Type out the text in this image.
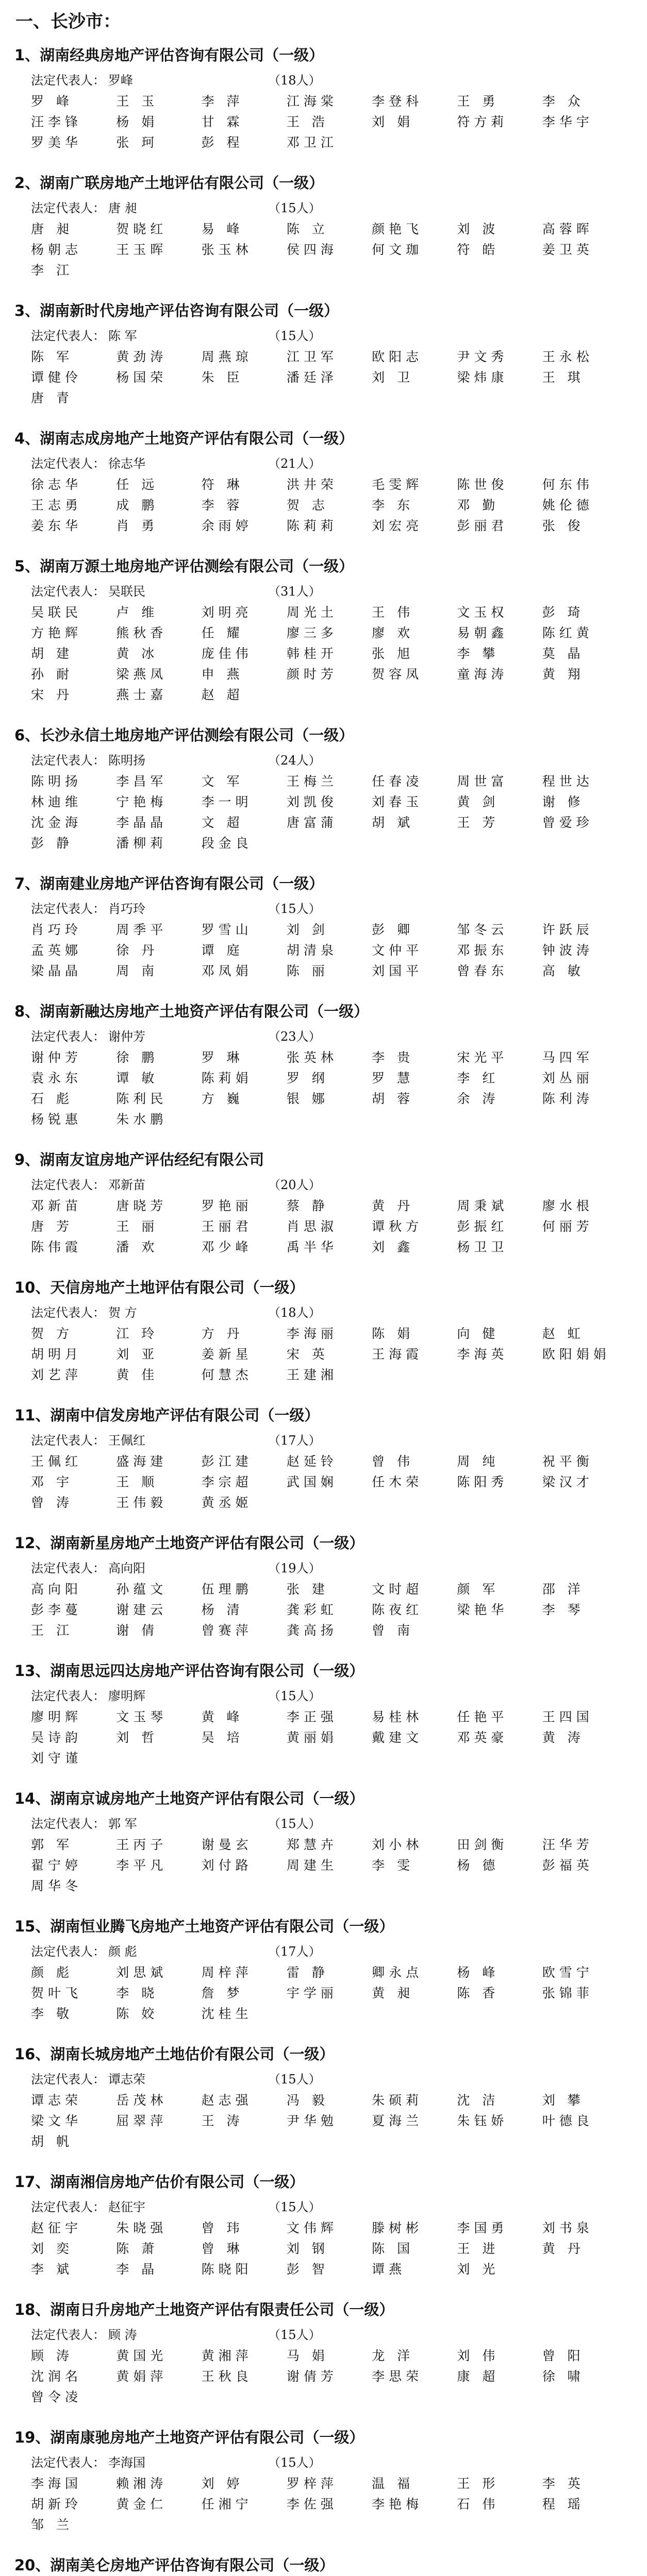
一、长沙市：
1、湖南经典房地产评估咨询有限公司（一级）
法定代表人： 罗峰	（18人）
罗 峰	王 玉	李 萍	江海棠	李登科	王 勇	李 众
汪李锋	杨 娟	甘 霖	王 浩	刘 娟	符方莉	李华宇
罗美华	张 珂	彭 程	邓卫江
2、湖南广联房地产土地评估有限公司（一级）
法定代表人： 唐 昶	（15人）
唐 昶	贺晓红	易 峰	陈 立	颜艳飞	刘 波	高蓉晖
杨朝志	王玉晖	张玉林	侯四海	何文珈	符 皓	姜卫英
李 江
3、湖南新时代房地产评估咨询有限公司（一级）
法定代表人： 陈 军	（15人）
陈 军	黄劲涛	周燕琼	江卫军	欧阳志	尹文秀	王永松
谭健伶	杨国荣	朱 臣	潘廷泽	刘 卫	梁炜康	王 琪
唐 青
4、湖南志成房地产土地资产评估有限公司（一级）
法定代表人： 徐志华	（21人）
徐志华	任 远	符 琳	洪井荣	毛雯辉	陈世俊	何东伟
王志勇	成 鹏	李 蓉	贺 志	李 东	邓 勤	姚伦德
姜东华	肖 勇	余雨婷	陈莉莉	刘宏亮	彭丽君	张 俊
5、湖南万源土地房地产评估测绘有限公司（一级）
法定代表人： 吴联民	（31人）
吴联民	卢 维	刘明亮	周光土	王 伟	文玉权	彭 琦
方艳辉	熊秋香	任 耀	廖三多	廖 欢	易朝鑫	陈红黄
胡 建	黄 冰	庞佳伟	韩桂开	张 旭	李 攀	莫 晶
孙 耐	梁燕凤	申 燕	颜时芳	贺容凤	童海涛	黄 翔
宋 丹	燕士嘉	赵 超
6、长沙永信土地房地产评估测绘有限公司（一级）
法定代表人： 陈明扬	（24人）
陈明扬	李昌军	文 军	王梅兰	任春凌	周世富	程世达
林迪维	宁艳梅	李一明	刘凯俊	刘春玉	黄 剑	谢 修
沈金海	李晶晶	文 超	唐富蒲	胡 斌	王 芳	曾爱珍
彭 静	潘柳莉	段金良
7、湖南建业房地产评估咨询有限公司（一级）
法定代表人： 肖巧玲	（15人）
肖巧玲	周季平	罗雪山	刘 剑	彭 卿	邹冬云	许跃辰
孟英娜	徐 丹	谭 庭	胡清泉	文仲平	邓振东	钟波涛
梁晶晶	周 南	邓凤娟	陈 丽	刘国平	曾春东	高 敏
8、湖南新融达房地产土地资产评估有限公司（一级）
法定代表人： 谢仲芳	（23人）
谢仲芳	徐 鹏	罗 琳	张英林	李 贵	宋光平	马四军
袁永东	谭 敏	陈莉娟	罗 纲	罗 慧	李 红	刘丛丽
石 彪	陈利民	方 巍	银 娜	胡 蓉	余 涛	陈利涛
杨锐惠	朱水鹏
9、湖南友谊房地产评估经纪有限公司
法定代表人： 邓新苗	（20人）
邓新苗	唐晓芳	罗艳丽	蔡 静	黄 丹	周秉斌	廖水根
唐 芳	王 丽	王丽君	肖思淑	谭秋方	彭振红	何丽芳
陈伟霞	潘 欢	邓少峰	禹半华	刘 鑫	杨卫卫
10、天信房地产土地评估有限公司（一级）
法定代表人： 贺 方	（18人）
贺 方	江 玲	方 丹	李海丽	陈 娟	向 健	赵 虹
胡明月	刘 亚	姜新星	宋 英	王海霞	李海英	欧阳娟娟
刘艺萍	黄 佳	何慧杰	王建湘
11、湖南中信发房地产评估有限公司（一级）
法定代表人： 王佩红	（17人）
王佩红	盛海建	彭江建	赵延铃	曾 伟	周 纯	祝平衡
邓 宇	王 顺	李宗超	武国娴	任木荣	陈阳秀	梁汉才
曾 涛	王伟毅	黄丞姬
12、湖南新星房地产土地资产评估有限公司（一级）
法定代表人： 高向阳	（19人）
高向阳	孙蕴文	伍理鹏	张 建	文时超	颜 军	邵 洋
彭李蔓	谢建云	杨 清	龚彩虹	陈夜红	梁艳华	李 琴
王 江	谢 倩	曾赛萍	龚高扬	曾 南
13、湖南思远四达房地产评估咨询有限公司（一级）
法定代表人： 廖明辉	（15人）
廖明辉	文玉琴	黄 峰	李正强	易桂林	任艳平	王四国
吴诗韵	刘 哲	吴 培	黄丽娟	戴建文	邓英豪	黄 涛
刘守谨
14、湖南京诚房地产土地资产评估有限公司（一级）
法定代表人： 郭 军	（15人）
郭 军	王丙子	谢曼玄	郑慧卉	刘小林	田剑衡	汪华芳
翟宁婷	李平凡	刘付路	周建生	李 雯	杨 德	彭福英
周华冬
15、湖南恒业腾飞房地产土地资产评估有限公司（一级）
法定代表人： 颜 彪	（17人）
颜 彪	刘思斌	周梓萍	雷 静	卿永点	杨 峰	欧雪宁
贺叶飞	李 晓	詹 梦	宇学丽	黄 昶	陈 香	张锦菲
李 敬	陈 姣	沈桂生
16、湖南长城房地产土地估价有限公司（一级）
法定代表人： 谭志荣	（15人）
谭志荣	岳茂林	赵志强	冯 毅	朱硕莉	沈 洁	刘 攀
梁文华	屈翠萍	王 涛	尹华勉	夏海兰	朱钰娇	叶德良
胡 帆
17、湖南湘信房地产估价有限公司（一级）
法定代表人： 赵征宇	（15人）
赵征宇	朱晓强	曾 玮	文伟辉	滕树彬	李国勇	刘书泉
刘 奕	陈 萧	曾 琳	刘 钢	陈 国	王 进	黄 丹
李 斌	李 晶	陈晓阳	彭 智	谭燕	刘 光
18、湖南日升房地产土地资产评估有限责任公司（一级）
法定代表人： 顾 涛	（15人）
顾 涛	黄国光	黄湘萍	马 娟	龙 洋	刘 伟	曾 阳
沈润名	黄娟萍	王秋良	谢倩芳	李思荣	康 超	徐 啸
曾令凌
19、湖南康驰房地产土地资产评估有限公司（一级）
法定代表人： 李海国	（15人）
李海国	赖湘涛	刘 婷	罗梓萍	温 福	王 形	李 英
胡新玲	黄金仁	任湘宁	李佐强	李艳梅	石 伟	程 瑶
邹 兰
20、湖南美仑房地产评估咨询有限公司（一级）
